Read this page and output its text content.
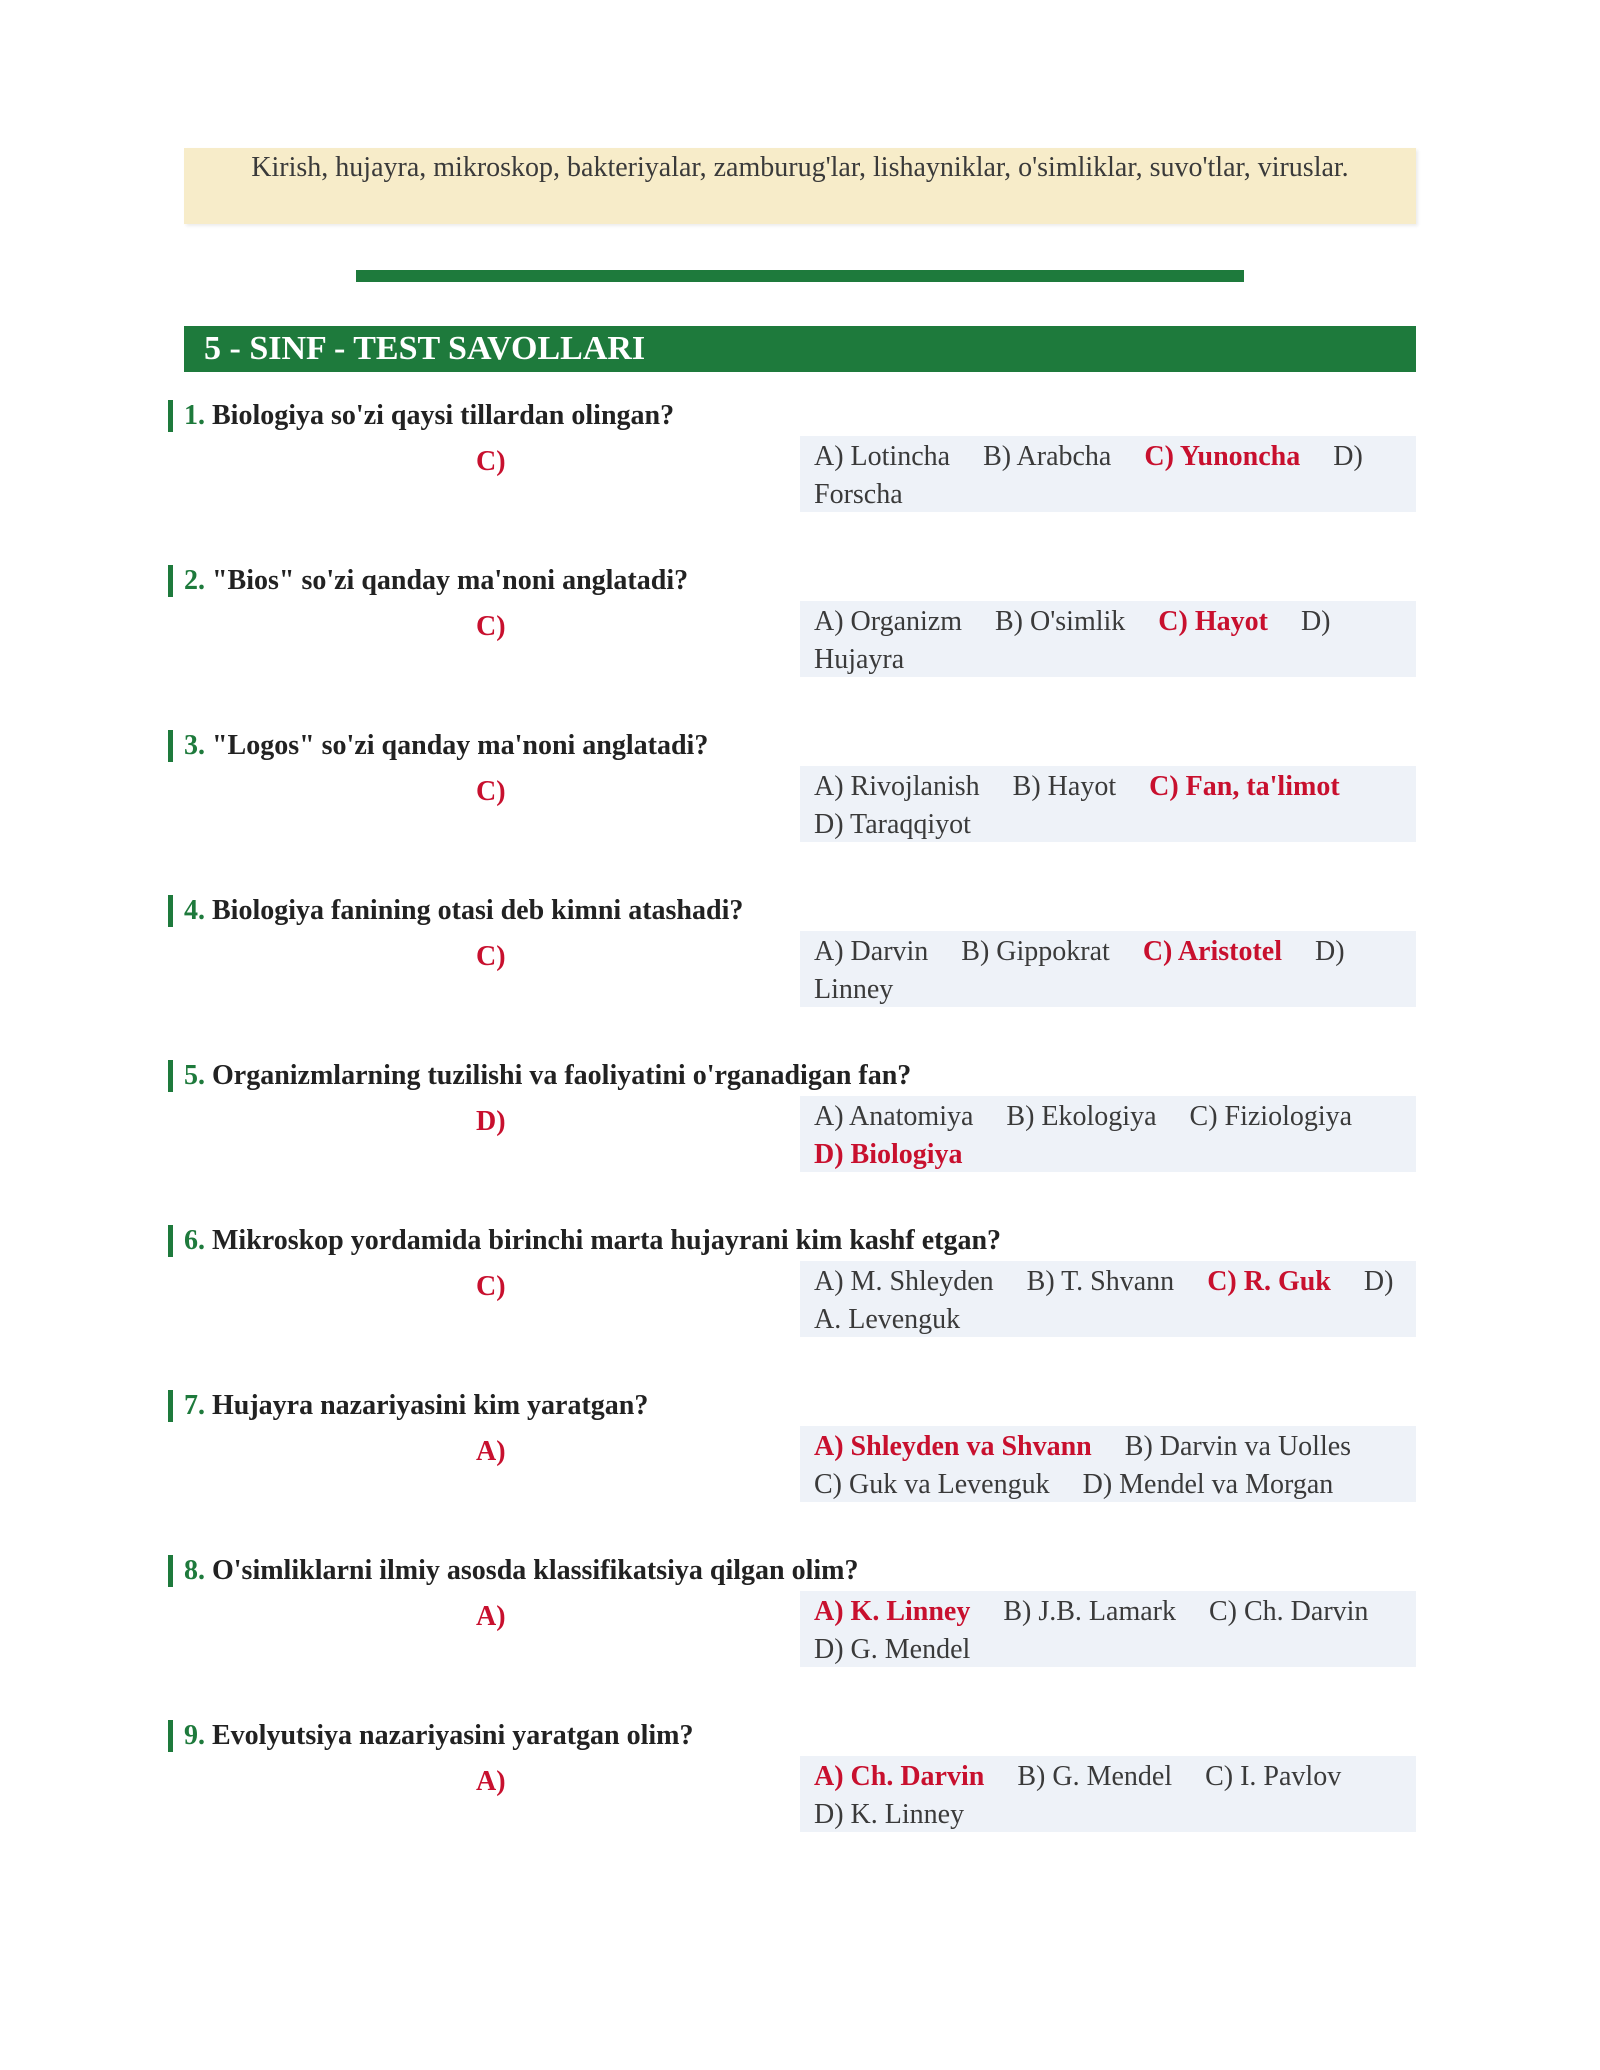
Kirish, hujayra, mikroskop, bakteriyalar, zamburug'lar, lishayniklar, o'simliklar, suvo'tlar, viruslar.
5 - SINF - TEST SAVOLLARI
1. Biologiya so'zi qaysi tillardan olingan?
C)	A) Lotincha B) Arabcha C) Yunoncha D) Forscha
2. "Bios" so'zi qanday ma'noni anglatadi?
C)	A) Organizm B) O'simlik C) Hayot D) Hujayra
3. "Logos" so'zi qanday ma'noni anglatadi?
C)	A) Rivojlanish B) Hayot C) Fan, ta'limot D) Taraqqiyot
4. Biologiya fanining otasi deb kimni atashadi?
C)	A) Darvin B) Gippokrat C) Aristotel D) Linney
5. Organizmlarning tuzilishi va faoliyatini o'rganadigan fan?
D)	A) Anatomiya B) Ekologiya C) Fiziologiya D) Biologiya
6. Mikroskop yordamida birinchi marta hujayrani kim kashf etgan?
C)	A) M. Shleyden B) T. Shvann C) R. Guk D) A. Levenguk
7. Hujayra nazariyasini kim yaratgan?
A)	A) Shleyden va Shvann B) Darvin va Uolles C) Guk va Levenguk D) Mendel va Morgan
8. O'simliklarni ilmiy asosda klassifikatsiya qilgan olim?
A)	A) K. Linney B) J.B. Lamark C) Ch. Darvin D) G. Mendel
9. Evolyutsiya nazariyasini yaratgan olim?
A)	A) Ch. Darvin B) G. Mendel C) I. Pavlov D) K. Linney
